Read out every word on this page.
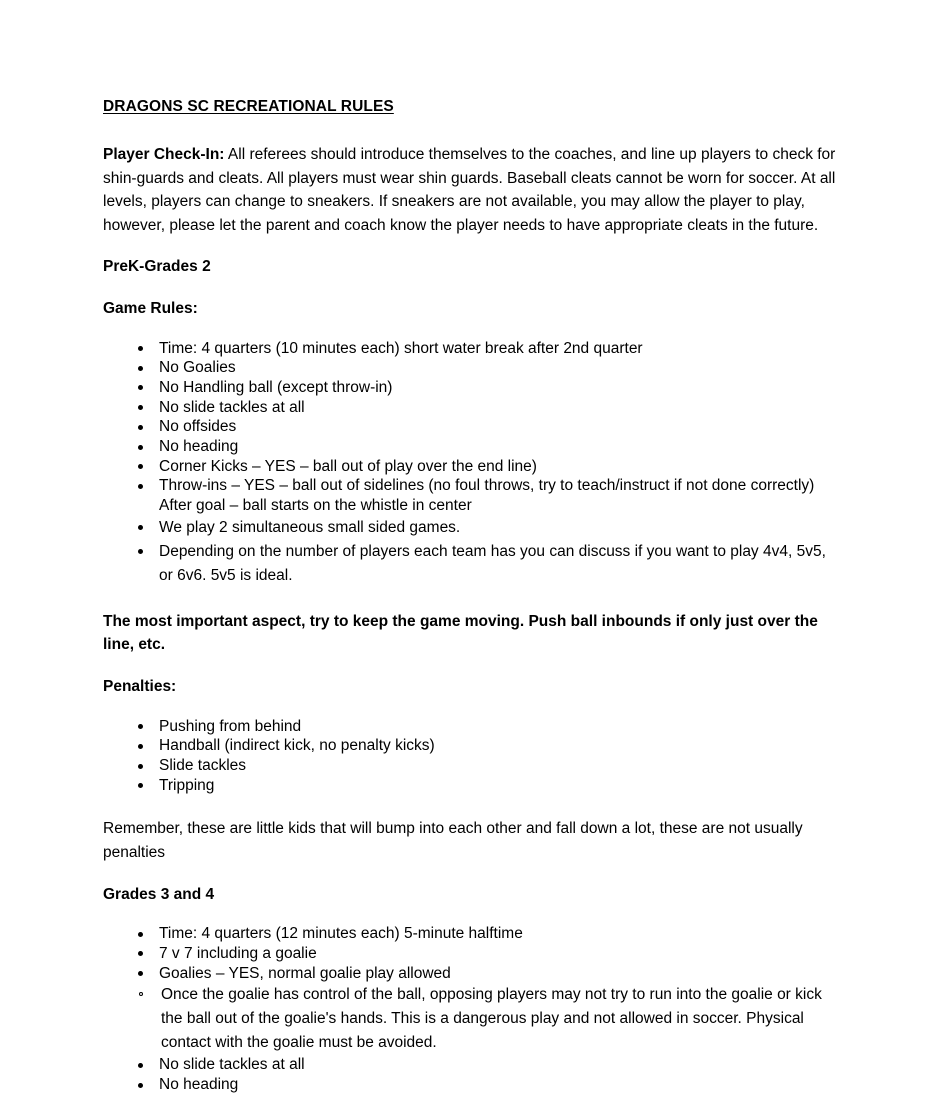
DRAGONS SC RECREATIONAL RULES

Player Check-In: All referees should introduce themselves to the coaches, and line up players to check for shin-guards and cleats. All players must wear shin guards. Baseball cleats cannot be worn for soccer. At all levels, players can change to sneakers. If sneakers are not available, you may allow the player to play, however, please let the parent and coach know the player needs to have appropriate cleats in the future.

PreK-Grades 2
Game Rules:
Time: 4 quarters (10 minutes each) short water break after 2nd quarter
No Goalies
No Handling ball (except throw-in)
No slide tackles at all
No offsides
No heading
Corner Kicks – YES – ball out of play over the end line)
Throw-ins – YES – ball out of sidelines (no foul throws, try to teach/instruct if not done correctly) After goal – ball starts on the whistle in center
We play 2 simultaneous small sided games.
Depending on the number of players each team has you can discuss if you want to play 4v4, 5v5, or 6v6. 5v5 is ideal.

The most important aspect, try to keep the game moving. Push ball inbounds if only just over the line, etc.

Penalties:
Pushing from behind
Handball (indirect kick, no penalty kicks)
Slide tackles
Tripping

Remember, these are little kids that will bump into each other and fall down a lot, these are not usually penalties

Grades 3 and 4
Time: 4 quarters (12 minutes each) 5-minute halftime
7 v 7 including a goalie
Goalies – YES, normal goalie play allowed
Once the goalie has control of the ball, opposing players may not try to run into the goalie or kick the ball out of the goalie's hands. This is a dangerous play and not allowed in soccer. Physical contact with the goalie must be avoided.
No slide tackles at all
No heading
